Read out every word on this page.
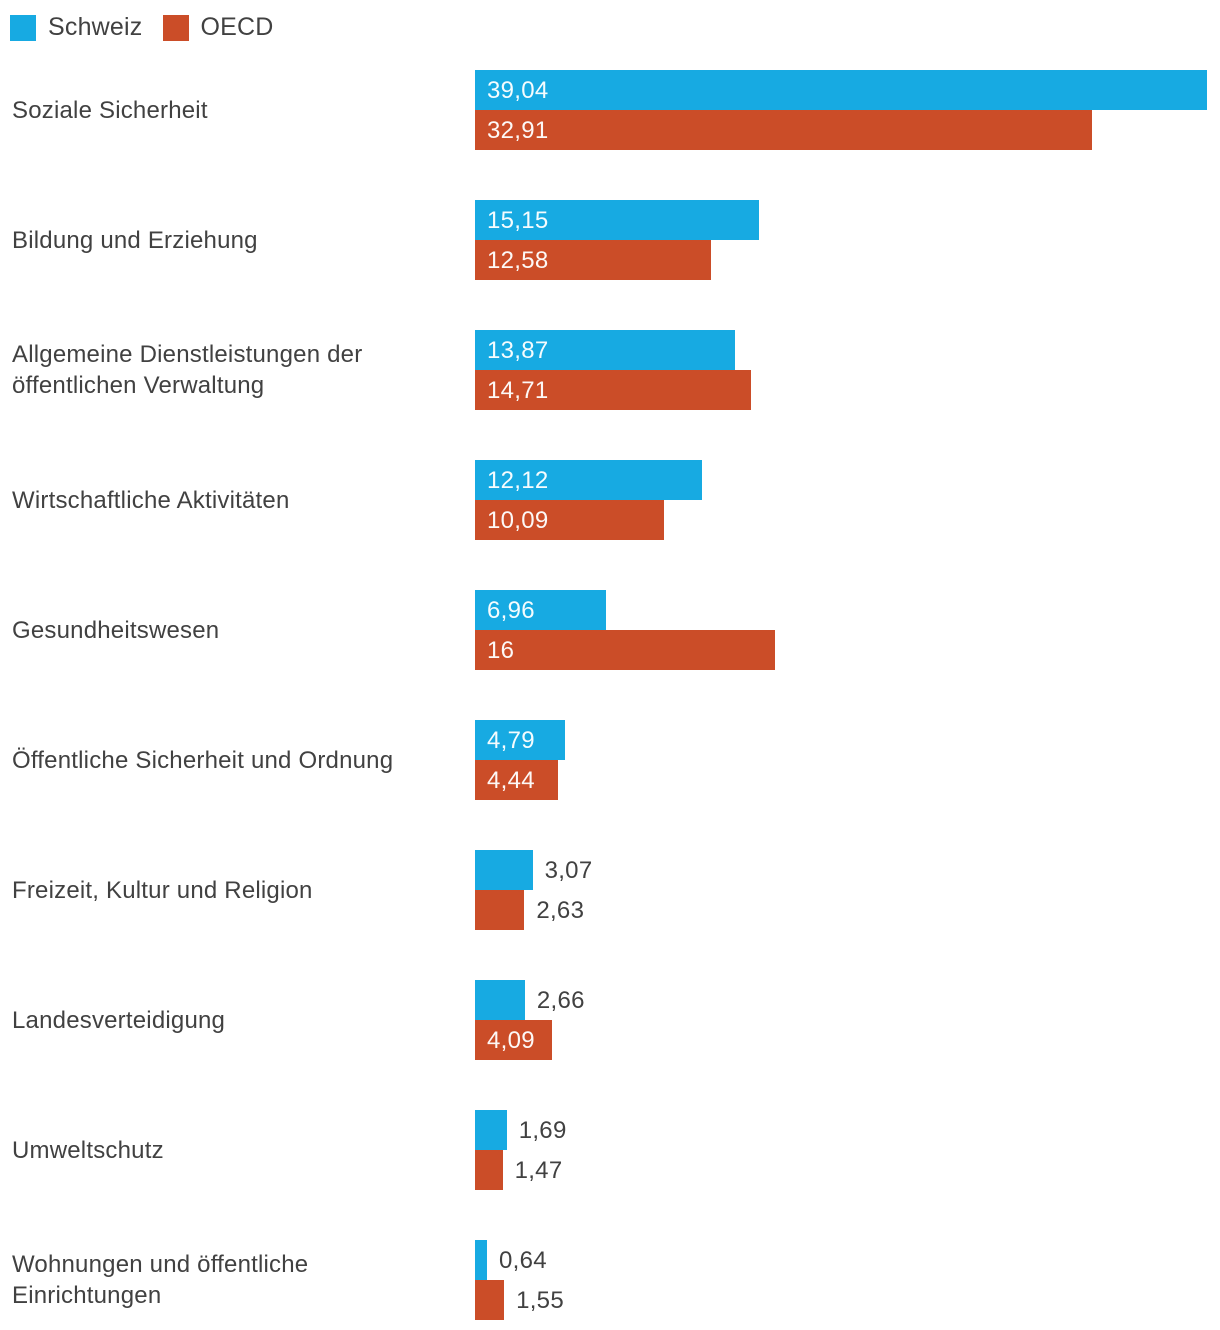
Schweiz OECD
Soziale Sicherheit
39,04
32,91
Bildung und Erziehung
15,15
12,58
Allgemeine Dienstleistungen der öffentlichen Verwaltung
13,87
14,71
Wirtschaftliche Aktivitäten
12,12
10,09
Gesundheitswesen
6,96
16
Öffentliche Sicherheit und Ordnung
4,79
4,44
Freizeit, Kultur und Religion
3,07
2,63
Landesverteidigung
2,66
4,09
Umweltschutz
1,69
1,47
Wohnungen und öffentliche Einrichtungen
0,64
1,55
